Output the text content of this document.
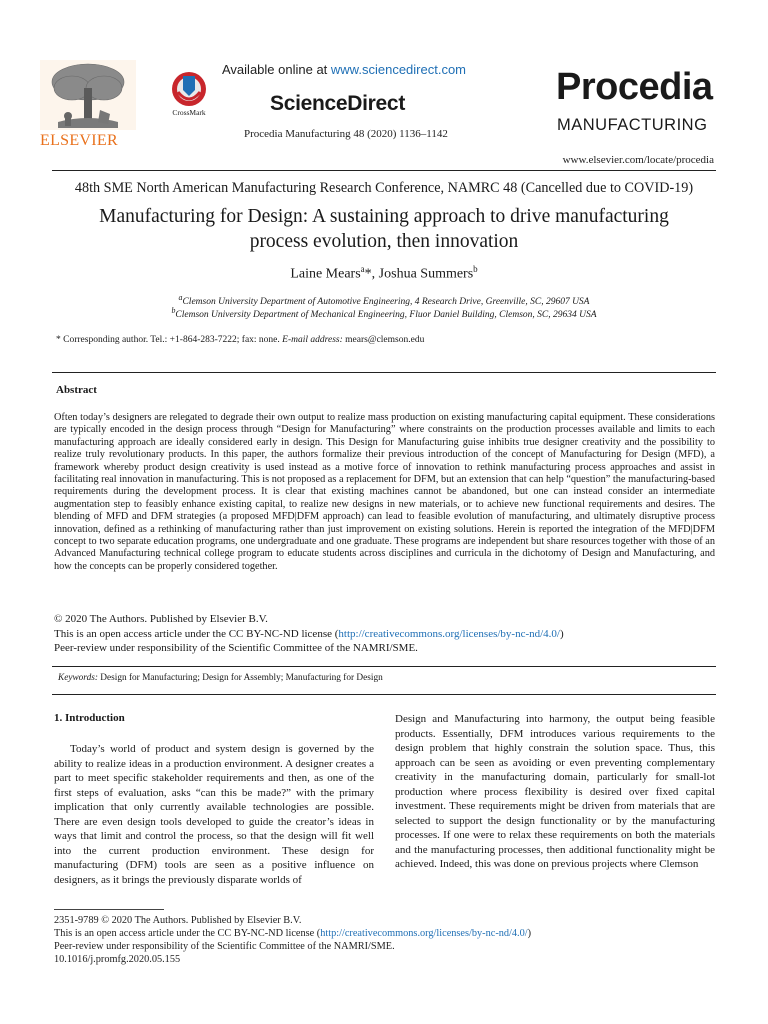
ELSEVIER
CrossMark
Available online at www.sciencedirect.com
ScienceDirect
Procedia Manufacturing 48 (2020) 1136–1142
Procedia
MANUFACTURING
www.elsevier.com/locate/procedia
48th SME North American Manufacturing Research Conference, NAMRC 48 (Cancelled due to COVID-19)
Manufacturing for Design: A sustaining approach to drive manufacturing
process evolution, then innovation
Laine Mears$^a$*, Joshua Summers$^b$
$^a$Clemson University Department of Automotive Engineering, 4 Research Drive, Greenville, SC, 29607 USA
$^b$Clemson University Department of Mechanical Engineering, Fluor Daniel Building, Clemson, SC, 29634 USA
* Corresponding author. Tel.: +1-864-283-7222; fax: none. E-mail address: mears@clemson.edu
Abstract
Often today’s designers are relegated to degrade their own output to realize mass production on existing manufacturing capital equipment. These considerations are typically encoded in the design process through “Design for Manufacturing” where constraints on the production processes available and limits to each manufacturing approach are ideally considered early in design. This Design for Manufacturing guise inhibits true designer creativity and the possibility to realize truly revolutionary products. In this paper, the authors formalize their previous introduction of the concept of Manufacturing for Design (MFD), a framework whereby product design creativity is used instead as a motive force of innovation to rethink manufacturing process approaches and assist in facilitating real innovation in manufacturing. This is not proposed as a replacement for DFM, but an extension that can help “question” the manufacturing-based requirements during the development process. It is clear that existing machines cannot be abandoned, but one can instead consider an intermediate augmentation step to feasibly enhance existing capital, to realize new designs in new materials, or to achieve new functional requirements and desires. The blending of MFD and DFM strategies (a proposed MFD|DFM approach) can lead to feasible evolution of manufacturing, and ultimately disruptive process innovation, defined as a rethinking of manufacturing rather than just improvement on existing solutions. Herein is reported the integration of the MFD|DFM concept to two separate education programs, one undergraduate and one graduate. These programs are independent but share resources together with those of an Advanced Manufacturing technical college program to educate students across disciplines and curricula in the dichotomy of Design and Manufacturing, and how the concepts can be properly considered together.
© 2020 The Authors. Published by Elsevier B.V.
This is an open access article under the CC BY-NC-ND license (http://creativecommons.org/licenses/by-nc-nd/4.0/)
Peer-review under responsibility of the Scientific Committee of the NAMRI/SME.
Keywords: Design for Manufacturing; Design for Assembly; Manufacturing for Design
1. Introduction
Today’s world of product and system design is governed by the ability to realize ideas in a production environment. A designer creates a part to meet specific stakeholder requirements and then, as one of the first steps of evaluation, asks “can this be made?” with the primary implication that only currently available technologies are possible. There are even design tools developed to guide the creator’s ideas in ways that limit and control the process, so that the design will fit well into the current production environment. These design for manufacturing (DFM) tools are seen as a positive influence on designers, as it brings the previously disparate worlds of
Design and Manufacturing into harmony, the output being feasible products. Essentially, DFM introduces various requirements to the design problem that highly constrain the solution space. Thus, this approach can be seen as avoiding or even preventing complementary creativity in the manufacturing domain, particularly for small-lot production where process flexibility is desired over fixed capital investment. These requirements might be driven from materials that are selected to support the design functionality or by the manufacturing processes. If one were to relax these requirements on both the materials and the manufacturing processes, then additional functionality might be achieved. Indeed, this was done on previous projects where Clemson
2351-9789 © 2020 The Authors. Published by Elsevier B.V.
This is an open access article under the CC BY-NC-ND license (http://creativecommons.org/licenses/by-nc-nd/4.0/)
Peer-review under responsibility of the Scientific Committee of the NAMRI/SME.
10.1016/j.promfg.2020.05.155
